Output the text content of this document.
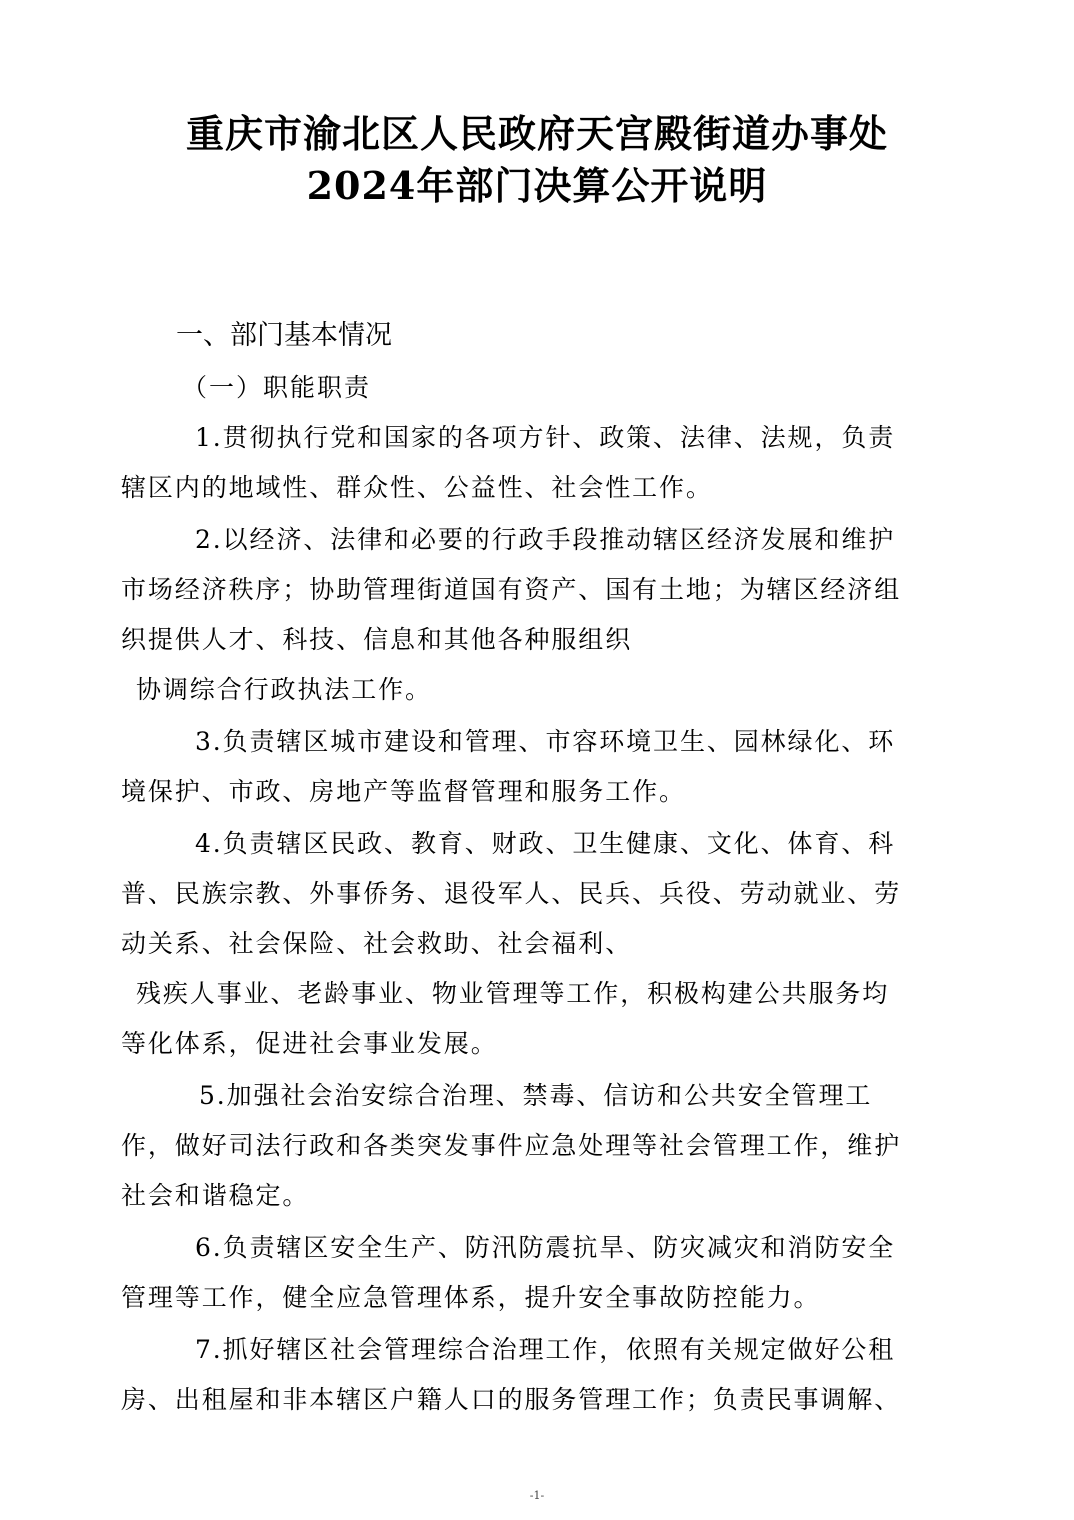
重庆市渝北区人民政府天宫殿街道办事处
2024年部门决算公开说明
一、部门基本情况
（一）职能职责
1.贯彻执行党和国家的各项方针、政策、法律、法规，负责
辖区内的地域性、群众性、公益性、社会性工作。
2.以经济、法律和必要的行政手段推动辖区经济发展和维护
市场经济秩序；协助管理街道国有资产、国有土地；为辖区经济组
织提供人才、科技、信息和其他各种服组织
协调综合行政执法工作。
3.负责辖区城市建设和管理、市容环境卫生、园林绿化、环
境保护、市政、房地产等监督管理和服务工作。
4.负责辖区民政、教育、财政、卫生健康、文化、体育、科
普、民族宗教、外事侨务、退役军人、民兵、兵役、劳动就业、劳
动关系、社会保险、社会救助、社会福利、
残疾人事业、老龄事业、物业管理等工作，积极构建公共服务均
等化体系，促进社会事业发展。
5.加强社会治安综合治理、禁毒、信访和公共安全管理工
作，做好司法行政和各类突发事件应急处理等社会管理工作，维护
社会和谐稳定。
6.负责辖区安全生产、防汛防震抗旱、防灾减灾和消防安全
管理等工作，健全应急管理体系，提升安全事故防控能力。
7.抓好辖区社会管理综合治理工作，依照有关规定做好公租
房、出租屋和非本辖区户籍人口的服务管理工作；负责民事调解、
-1-
